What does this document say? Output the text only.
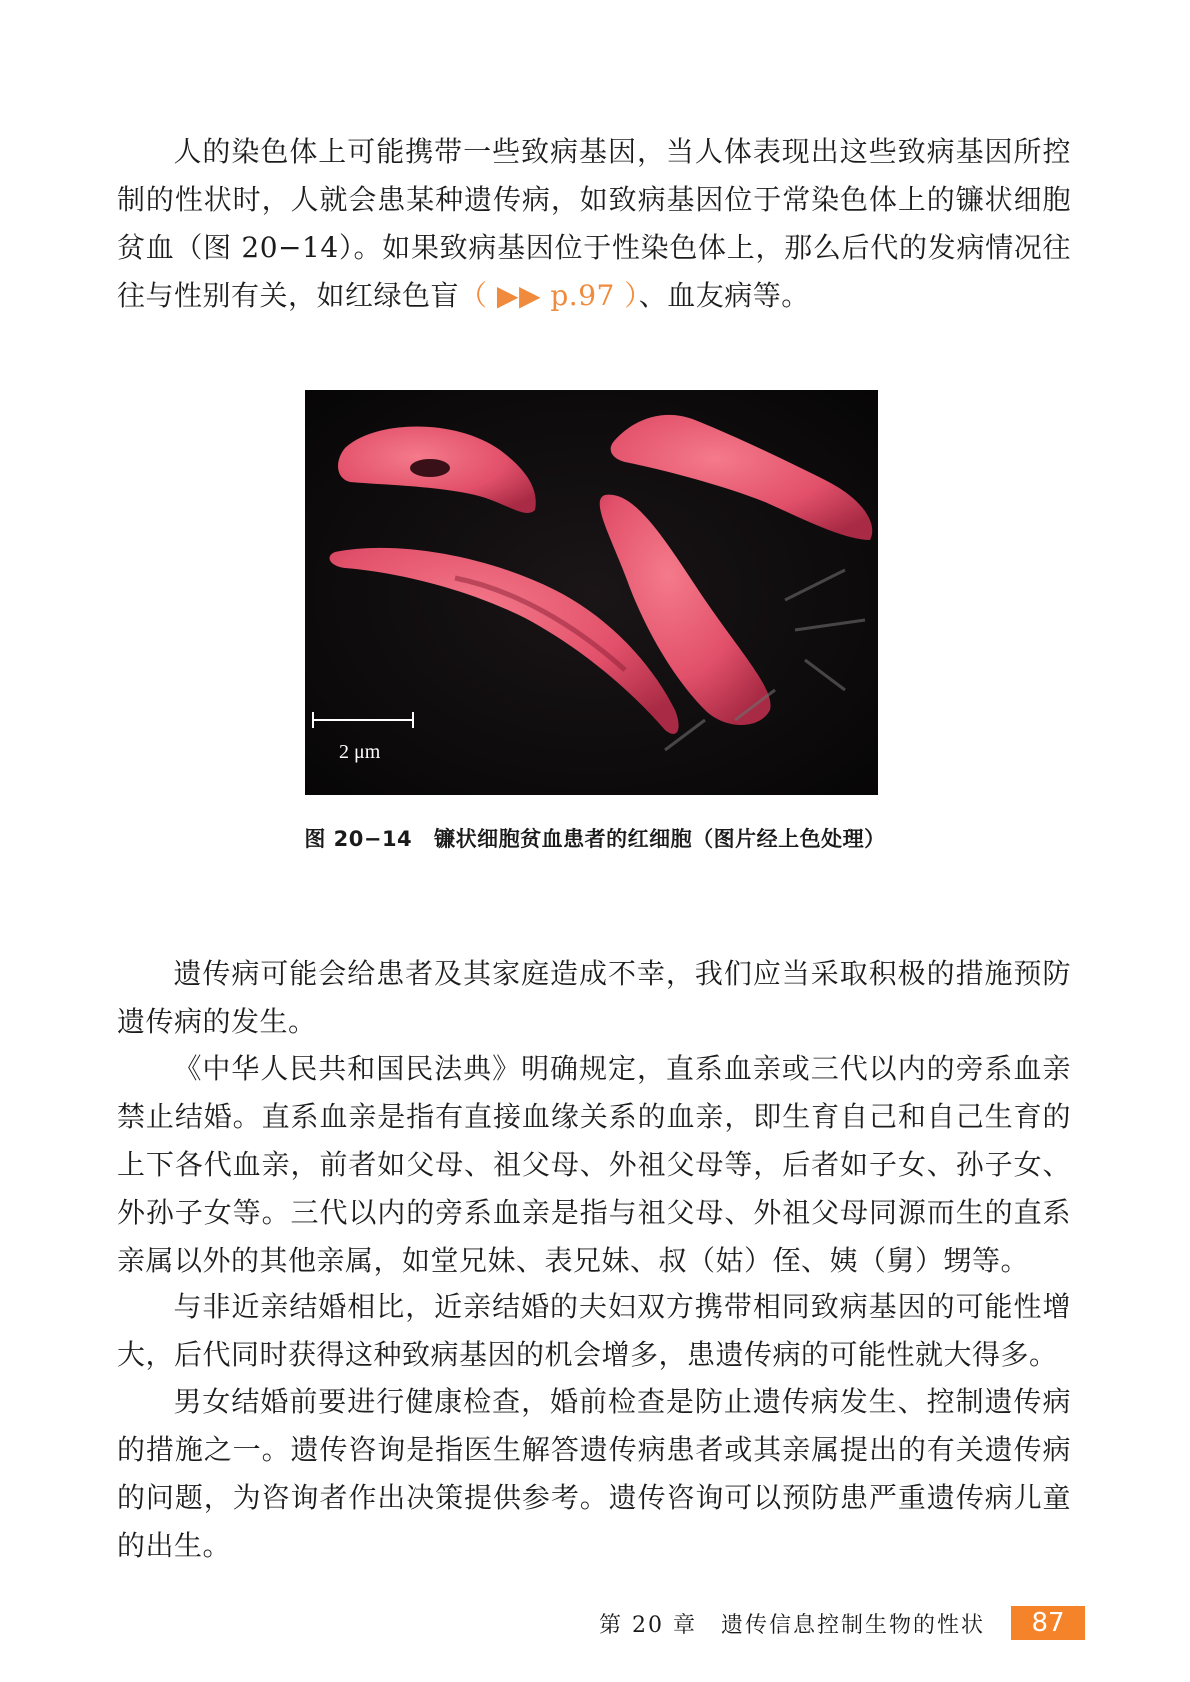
人的染色体上可能携带一些致病基因，当人体表现出这些致病基因所控制的性状时，人就会患某种遗传病，如致病基因位于常染色体上的镰状细胞贫血（图 20−14）。如果致病基因位于性染色体上，那么后代的发病情况往往与性别有关，如红绿色盲（ ▶▶ p.97 ）、血友病等。

2 μm
图 20−14 镰状细胞贫血患者的红细胞（图片经上色处理）

遗传病可能会给患者及其家庭造成不幸，我们应当采取积极的措施预防遗传病的发生。

《中华人民共和国民法典》明确规定，直系血亲或三代以内的旁系血亲禁止结婚。直系血亲是指有直接血缘关系的血亲，即生育自己和自己生育的上下各代血亲，前者如父母、祖父母、外祖父母等，后者如子女、孙子女、外孙子女等。三代以内的旁系血亲是指与祖父母、外祖父母同源而生的直系亲属以外的其他亲属，如堂兄妹、表兄妹、叔（姑）侄、姨（舅）甥等。

与非近亲结婚相比，近亲结婚的夫妇双方携带相同致病基因的可能性增大，后代同时获得这种致病基因的机会增多，患遗传病的可能性就大得多。

男女结婚前要进行健康检查，婚前检查是防止遗传病发生、控制遗传病的措施之一。遗传咨询是指医生解答遗传病患者或其亲属提出的有关遗传病的问题，为咨询者作出决策提供参考。遗传咨询可以预防患严重遗传病儿童的出生。

第 20 章　遗传信息控制生物的性状	87
